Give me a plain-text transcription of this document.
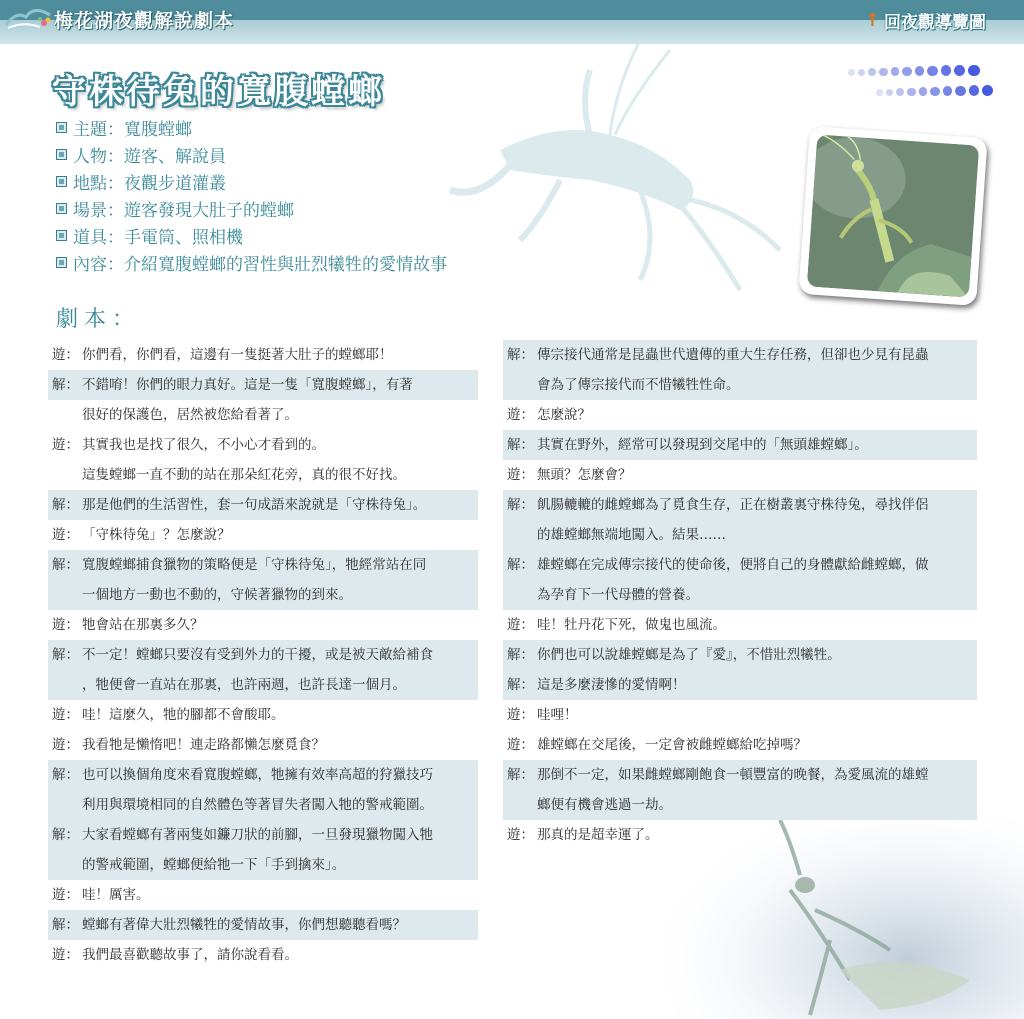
梅花湖夜觀解說劇本	↑ 回夜觀導覽圖
守株待兔的寬腹螳螂
主題 ： 寬腹螳螂
人物 ： 遊客、解說員
地點 ： 夜觀步道灌叢
場景 ： 遊客發現大肚子的螳螂
道具 ： 手電筒、照相機
內容 ： 介紹寬腹螳螂的習性與壯烈犧牲的愛情故事
劇本：
遊： 你們看，你們看，這邊有一隻挺著大肚子的螳螂耶！
解： 不錯唷！你們的眼力真好。這是一隻「寬腹螳螂」，有著
很好的保護色，居然被您給看著了。
遊： 其實我也是找了很久，不小心才看到的。
這隻螳螂一直不動的站在那朵紅花旁，真的很不好找。
解： 那是他們的生活習性，套一句成語來說就是「守株待兔」。
遊： 「守株待兔」？怎麼說？
解： 寬腹螳螂捕食獵物的策略便是「守株待兔」，牠經常站在同
一個地方一動也不動的，守候著獵物的到來。
遊： 牠會站在那裏多久？
解： 不一定！螳螂只要沒有受到外力的干擾，或是被天敵給補食
，牠便會一直站在那裏，也許兩週，也許長達一個月。
遊： 哇！這麼久，牠的腳都不會酸耶。
遊： 我看牠是懶惰吧！連走路都懶怎麼覓食？
解： 也可以換個角度來看寬腹螳螂，牠擁有效率高超的狩獵技巧
利用與環境相同的自然體色等著冒失者闖入牠的警戒範圍。
解： 大家看螳螂有著兩隻如鐮刀狀的前腳，一旦發現獵物闖入牠
的警戒範圍，螳螂便給牠一下「手到擒來」。
遊： 哇！厲害。
解： 螳螂有著偉大壯烈犧牲的愛情故事，你們想聽聽看嗎？
遊： 我們最喜歡聽故事了，請你說看看。
解： 傳宗接代通常是昆蟲世代遺傳的重大生存任務，但卻也少見有昆蟲
會為了傳宗接代而不惜犧牲性命。
遊： 怎麼說？
解： 其實在野外，經常可以發現到交尾中的「無頭雄螳螂」。
遊： 無頭？怎麼會？
解： 飢腸轆轆的雌螳螂為了覓食生存，正在樹叢裏守株待兔，尋找伴侶
的雄螳螂無端地闖入。結果……
解： 雄螳螂在完成傳宗接代的使命後，便將自己的身體獻給雌螳螂，做
為孕育下一代母體的營養。
遊： 哇！牡丹花下死，做鬼也風流。
解： 你們也可以說雄螳螂是為了『愛』，不惜壯烈犧牲。
解： 這是多麼淒慘的愛情啊！
遊： 哇哩！
遊： 雄螳螂在交尾後，一定會被雌螳螂給吃掉嗎？
解： 那倒不一定，如果雌螳螂剛飽食一頓豐富的晚餐，為愛風流的雄螳
螂便有機會逃過一劫。
遊： 那真的是超幸運了。
